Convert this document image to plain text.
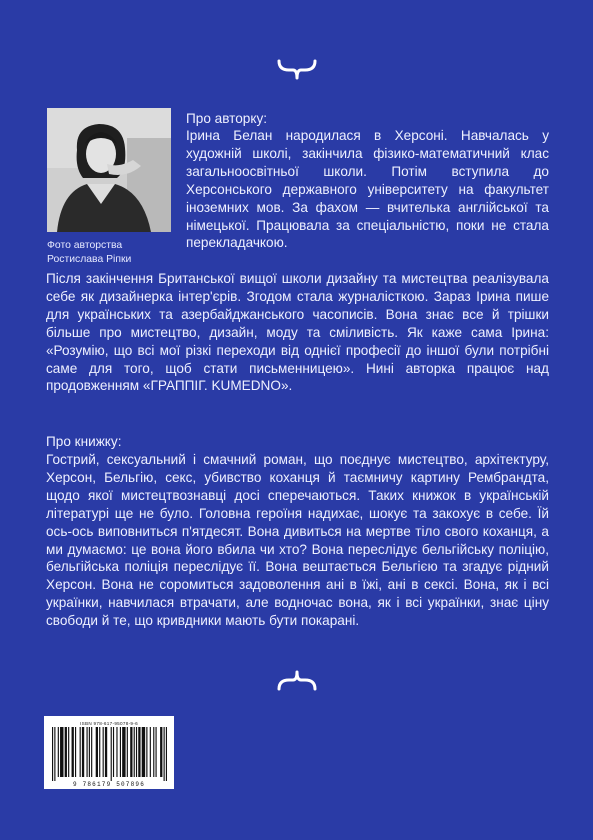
Фото авторства
Ростислава Ріпки
Про авторку:
Ірина Белан народилася в Херсоні. Навчалась у художній школі, закінчила фізико-математичний клас загальноосвітньої школи. Потім вступила до Херсонського державного університету на факультет іноземних мов. За фахом — вчителька англійської та німецької. Працювала за спеціальністю, поки не стала перекладачкою.
Після закінчення Британської вищої школи дизайну та мистецтва реалізувала себе як дизайнерка інтер'єрів. Згодом стала журналісткою. Зараз Ірина пише для українських та азербайджанського часописів. Вона знає все й трішки більше про мистецтво, дизайн, моду та сміливість. Як каже сама Ірина: «Розумію, що всі мої різкі переходи від однієї професії до іншої були потрібні саме для того, щоб стати письменницею». Нині авторка працює над продовженням «ГРАППІГ. KUMEDNO».
Про книжку:
Гострий, сексуальний і смачний роман, що поєднує мистецтво, архітектуру, Херсон, Бельгію, секс, убивство коханця й таємничу картину Рембрандта, щодо якої мистецтвознавці досі сперечаються. Таких книжок в українській літературі ще не було. Головна героїня надихає, шокує та закохує в себе. Їй ось-ось виповниться п'ятдесят. Вона дивиться на мертве тіло свого коханця, а ми думаємо: це вона його вбила чи хто? Вона переслідує бельгійську поліцію, бельгійська поліція переслідує її. Вона вештається Бельгією та згадує рідний Херсон. Вона не соромиться задоволення ані в їжі, ані в сексі. Вона, як і всі українки, навчилася втрачати, але водночас вона, як і всі українки, знає ціну свободи й те, що кривдники мають бути покарані.
ISBN 978-617-95078-9-6
9 786179 507896
